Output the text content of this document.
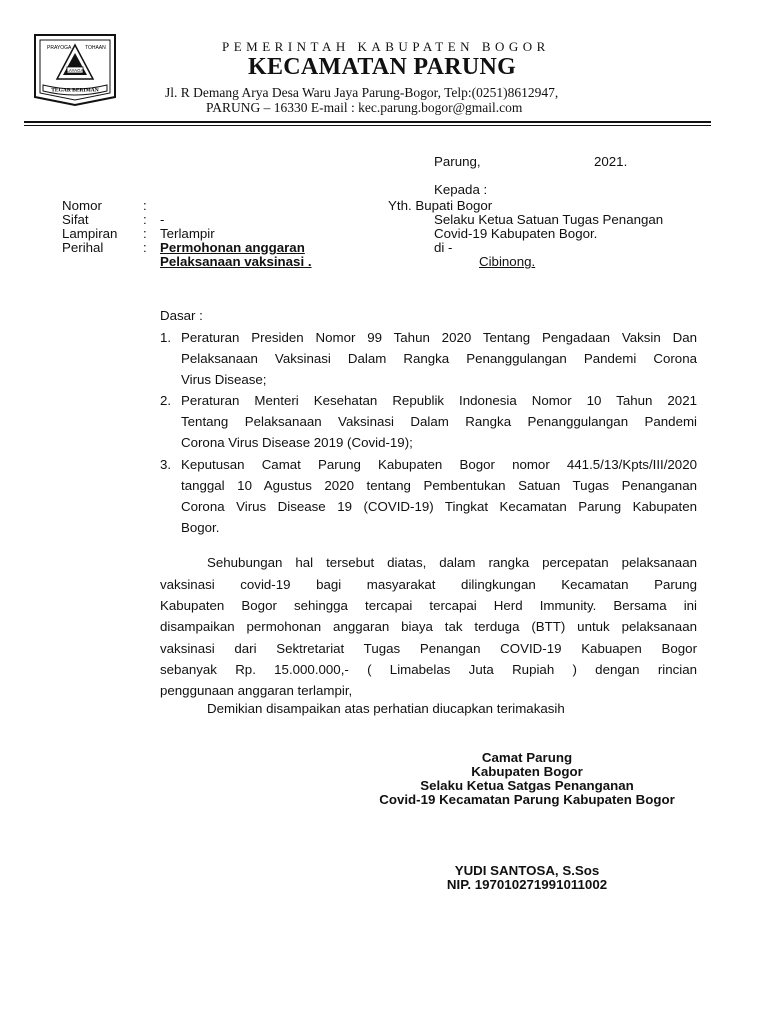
LAYAGA
PRAYOGA	TOHAAN
TEGAR BERIMAN
PEMERINTAH KABUPATEN BOGOR
KECAMATAN PARUNG
Jl. R Demang Arya Desa Waru Jaya Parung-Bogor, Telp:(0251)8612947,
PARUNG – 16330 E-mail : kec.parung.bogor@gmail.com
Parung,	2021.
Kepada :
Yth. Bupati Bogor
Selaku Ketua Satuan Tugas Penangan
Covid-19 Kabupaten Bogor.
di -
Cibinong.
Nomor	:
Sifat	: -
Lampiran : Terlampir
Perihal	: Permohonan anggaran
Pelaksanaan vaksinasi .
Dasar :
1. Peraturan Presiden Nomor 99 Tahun 2020 Tentang Pengadaan Vaksin Dan
Pelaksanaan Vaksinasi Dalam Rangka Penanggulangan Pandemi Corona
Virus Disease;
2. Peraturan Menteri Kesehatan Republik Indonesia Nomor 10 Tahun 2021
Tentang Pelaksanaan Vaksinasi Dalam Rangka Penanggulangan Pandemi
Corona Virus Disease 2019 (Covid-19);
3. Keputusan Camat Parung Kabupaten Bogor nomor 441.5/13/Kpts/III/2020
tanggal 10 Agustus 2020 tentang Pembentukan Satuan Tugas Penanganan
Corona Virus Disease 19 (COVID-19) Tingkat Kecamatan Parung Kabupaten
Bogor.
Sehubungan hal tersebut diatas, dalam rangka percepatan pelaksanaan
vaksinasi covid-19 bagi masyarakat dilingkungan Kecamatan Parung
Kabupaten Bogor sehingga tercapai tercapai Herd Immunity. Bersama ini
disampaikan permohonan anggaran biaya tak terduga (BTT) untuk pelaksanaan
vaksinasi dari Sektretariat Tugas Penangan COVID-19 Kabuapen Bogor
sebanyak Rp. 15.000.000,- ( Limabelas Juta Rupiah ) dengan rincian
penggunaan anggaran terlampir,
Demikian disampaikan atas perhatian diucapkan terimakasih
Camat Parung
Kabupaten Bogor
Selaku Ketua Satgas Penanganan
Covid-19 Kecamatan Parung Kabupaten Bogor
YUDI SANTOSA, S.Sos
NIP. 197010271991011002
